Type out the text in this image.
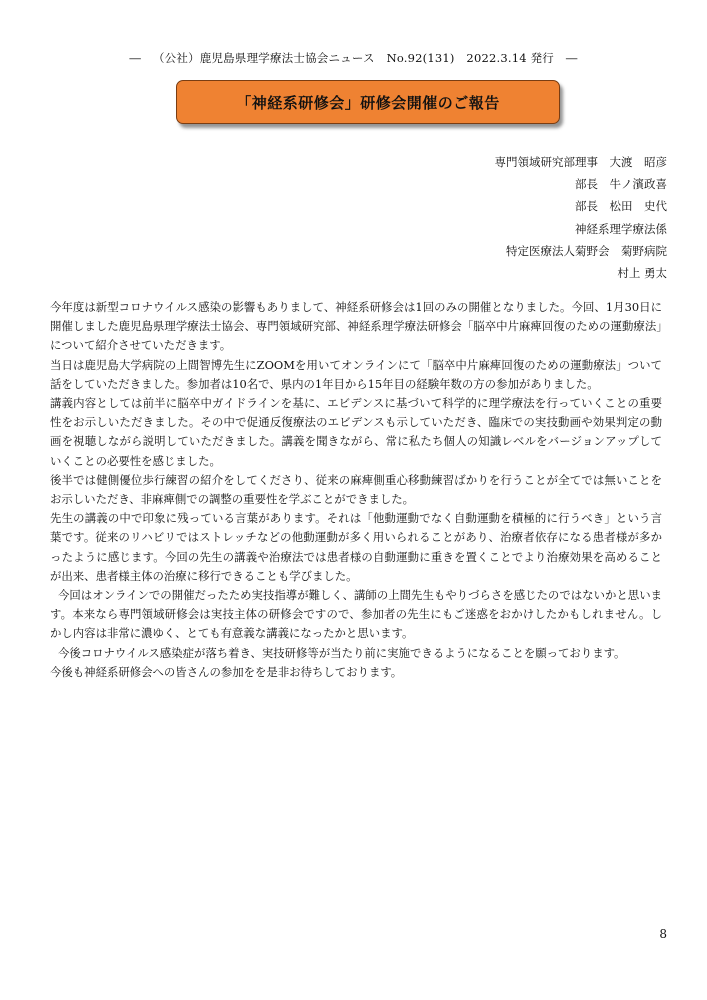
― （公社）鹿児島県理学療法士協会ニュース No.92(131) 2022.3.14 発行 ―
「神経系研修会」研修会開催のご報告
専門領域研究部理事　大渡　昭彦
部長　牛ノ濱政喜
部長　松田　史代
神経系理学療法係
特定医療法人菊野会　菊野病院
村上 勇太

今年度は新型コロナウイルス感染の影響もありまして、神経系研修会は1回のみの開催となりました。今回、1月30日に開催しました鹿児島県理学療法士協会、専門領域研究部、神経系理学療法研修会「脳卒中片麻痺回復のための運動療法」について紹介させていただきます。

当日は鹿児島大学病院の上間智博先生にZOOMを用いてオンラインにて「脳卒中片麻痺回復のための運動療法」ついて話をしていただきました。参加者は10名で、県内の1年目から15年目の経験年数の方の参加がありました。

講義内容としては前半に脳卒中ガイドラインを基に、エビデンスに基づいて科学的に理学療法を行っていくことの重要性をお示しいただきました。その中で促通反復療法のエビデンスも示していただき、臨床での実技動画や効果判定の動画を視聴しながら説明していただきました。講義を聞きながら、常に私たち個人の知識レベルをバージョンアップしていくことの必要性を感じました。

後半では健側優位歩行練習の紹介をしてくださり、従来の麻痺側重心移動練習ばかりを行うことが全てでは無いことをお示しいただき、非麻痺側での調整の重要性を学ぶことができました。

先生の講義の中で印象に残っている言葉があります。それは「他動運動でなく自動運動を積極的に行うべき」という言葉です。従来のリハビリではストレッチなどの他動運動が多く用いられることがあり、治療者依存になる患者様が多かったように感じます。今回の先生の講義や治療法では患者様の自動運動に重きを置くことでより治療効果を高めることが出来、患者様主体の治療に移行できることも学びました。

今回はオンラインでの開催だったため実技指導が難しく、講師の上間先生もやりづらさを感じたのではないかと思います。本来なら専門領域研修会は実技主体の研修会ですので、参加者の先生にもご迷惑をおかけしたかもしれません。しかし内容は非常に濃ゆく、とても有意義な講義になったかと思います。

今後コロナウイルス感染症が落ち着き、実技研修等が当たり前に実施できるようになることを願っております。

今後も神経系研修会への皆さんの参加をを是非お待ちしております。

8
